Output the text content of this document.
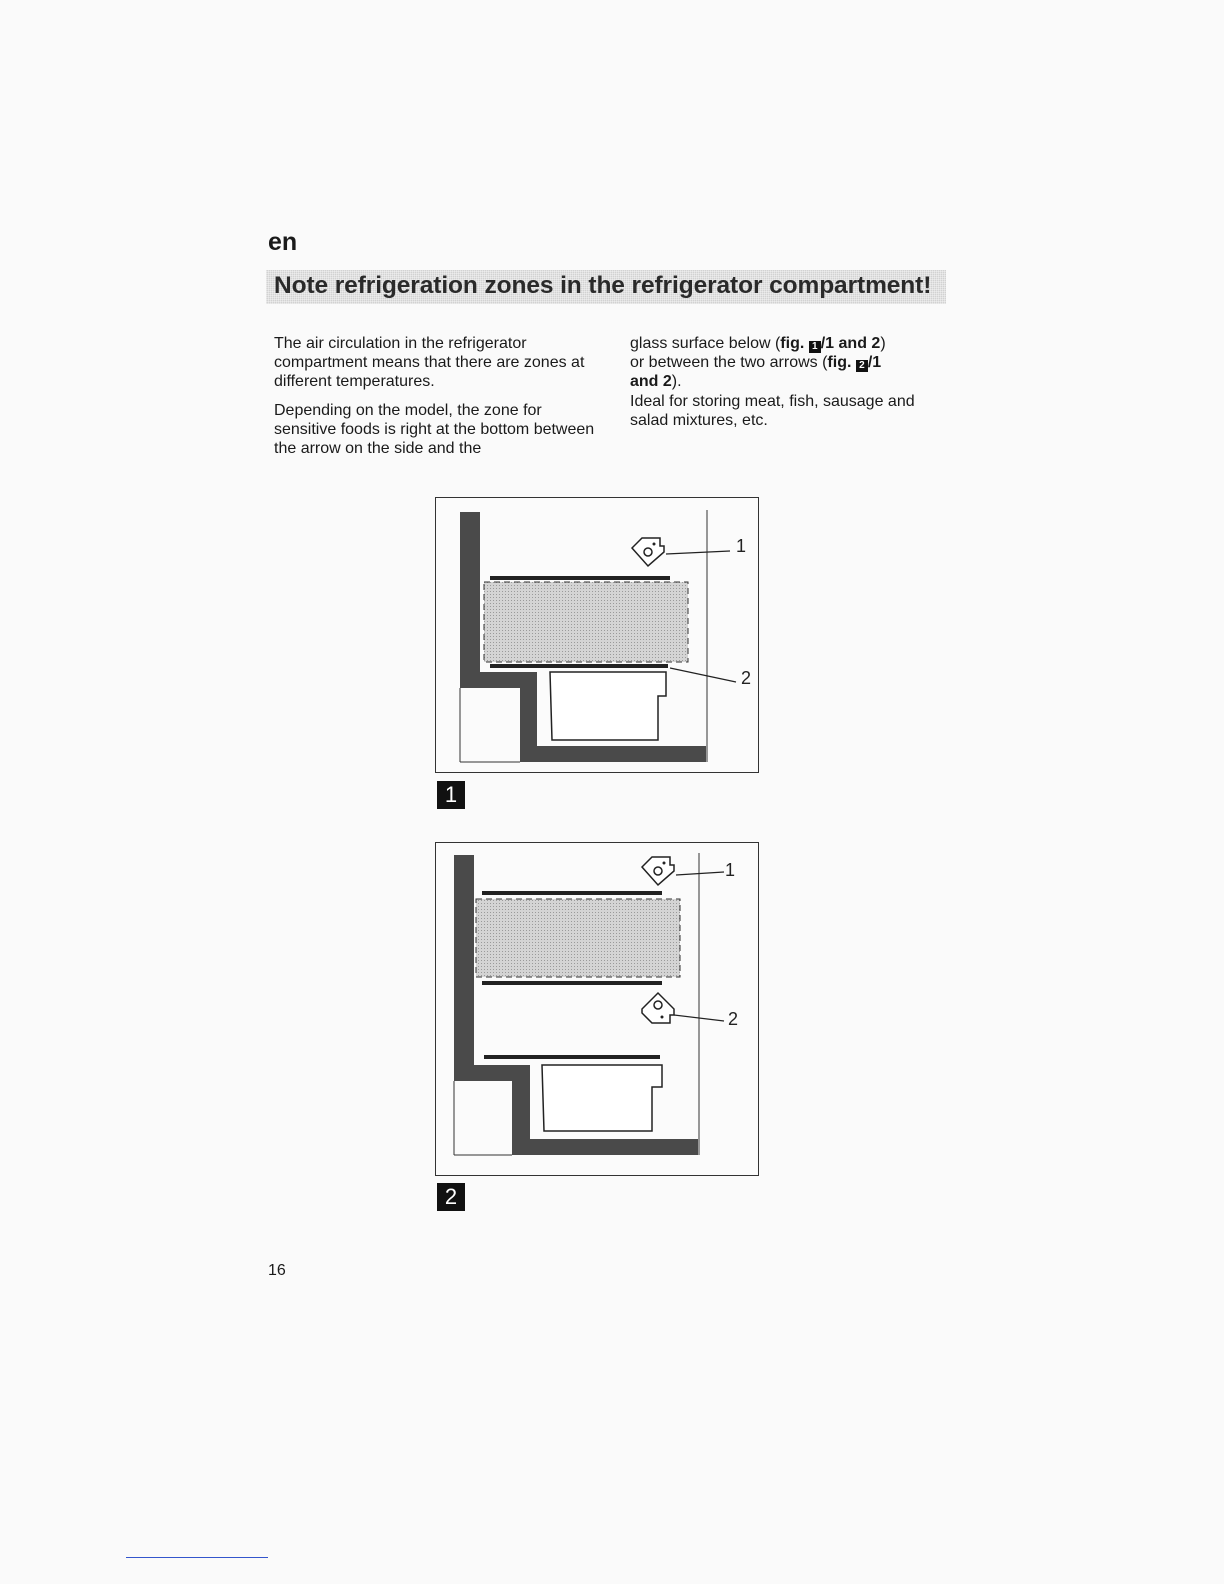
en
Note refrigeration zones in the refrigerator compartment!

The air circulation in the refrigerator compartment means that there are zones at different temperatures.

Depending on the model, the zone for sensitive foods is right at the bottom between the arrow on the side and the

glass surface below (fig. 1 /1 and 2)
or between the two arrows (fig. 2 /1
and 2).
Ideal for storing meat, fish, sausage and salad mixtures, etc.
1
2
1
1
2
2
16
